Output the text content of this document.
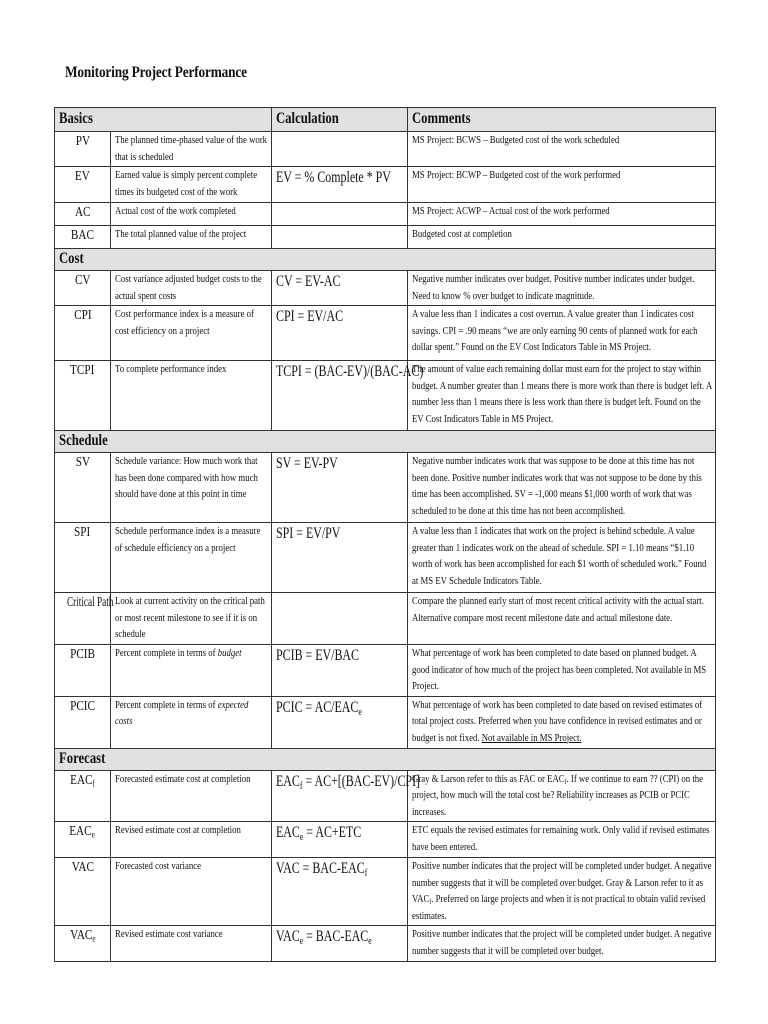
Monitoring Project Performance
Basics		Calculation	Comments
PV	The planned time-phased value of the work that is scheduled		MS Project: BCWS – Budgeted cost of the work scheduled

EV	Earned value is simply percent complete times its budgeted cost of the work	EV = % Complete * PV	MS Project: BCWP – Budgeted cost of the work performed

AC	Actual cost of the work completed		MS Project: ACWP – Actual cost of the work performed

BAC	The total planned value of the project		Budgeted cost at completion

Cost			
CV	Cost variance adjusted budget costs to the actual spent costs	CV = EV-AC	Negative number indicates over budget. Positive number indicates under budget. Need to know % over budget to indicate magnitude.

CPI	Cost performance index is a measure of cost efficiency on a project	CPI = EV/AC	A value less than 1 indicates a cost overrun. A value greater than 1 indicates cost savings. CPI = .90 means “we are only earning 90 cents of planned work for each dollar spent.” Found on the EV Cost Indicators Table in MS Project.

TCPI	To complete performance index	TCPI = (BAC-EV)/(BAC-AC)	The amount of value each remaining dollar must earn for the project to stay within budget. A number greater than 1 means there is more work than there is budget left. A number less than 1 means there is less work than there is budget left. Found on the EV Cost Indicators Table in MS Project.

Schedule			
SV	Schedule variance: How much work that has been done compared with how much should have done at this point in time	SV = EV-PV	Negative number indicates work that was suppose to be done at this time has not been done. Positive number indicates work that was not suppose to be done by this time has been accomplished. SV = -1,000 means $1,000 worth of work that was scheduled to be done at this time has not been accomplished.

SPI	Schedule performance index is a measure of schedule efficiency on a project	SPI = EV/PV	A value less than 1 indicates that work on the project is behind schedule. A value greater than 1 indicates work on the ahead of schedule. SPI = 1.10 means “$1.10 worth of work has been accomplished for each $1 worth of scheduled work.” Found at MS EV Schedule Indicators Table.

Critical Path	Look at current activity on the critical path or most recent milestone to see if it is on schedule		Compare the planned early start of most recent critical activity with the actual start. Alternative compare most recent milestone date and actual milestone date.

PCIB	Percent complete in terms of budget	PCIB = EV/BAC	What percentage of work has been completed to date based on planned budget. A good indicator of how much of the project has been completed. Not available in MS Project.

PCIC	Percent complete in terms of expected costs	PCIC = $AC/EAC_e$	What percentage of work has been completed to date based on revised estimates of total project costs. Preferred when you have confidence in revised estimates and or budget is not fixed. Not available in MS Project.

Forecast			
$EAC_f$	Forecasted estimate cost at completion	$EAC_f = AC+[(BAC-EV)/CPI]$	Gray & Larson refer to this as FAC or $EAC_f$. If we continue to earn ?? (CPI) on the project, how much will the total cost be? Reliability increases as PCIB or PCIC increases.

$EAC_e$	Revised estimate cost at completion	$EAC_e = AC+ETC$	ETC equals the revised estimates for remaining work. Only valid if revised estimates have been entered.

VAC	Forecasted cost variance	VAC = BAC-$EAC_f$	Positive number indicates that the project will be completed under budget. A negative number suggests that it will be completed over budget. Gray & Larson refer to it as $VAC_f$. Preferred on large projects and when it is not practical to obtain valid revised estimates.

$VAC_e$	Revised estimate cost variance	$VAC_e = BAC-EAC_e$	Positive number indicates that the project will be completed under budget. A negative number suggests that it will be completed over budget.
